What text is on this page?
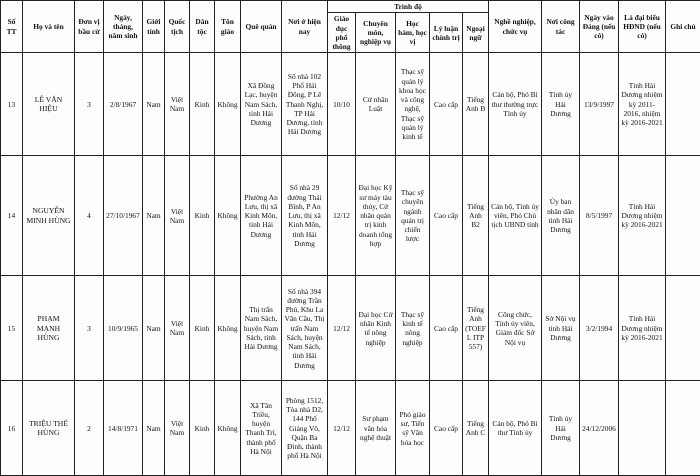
Số TT	Họ và tên	Đơn vị bầu cử	Ngày, tháng, năm sinh	Giới tính	Quốc tịch	Dân tộc	Tôn giáo	Quê quán	Nơi ở hiện nay	Trình độ					Nghề nghiệp, chức vụ	Nơi công tác	Ngày vào Đảng (nếu có)	Là đại biểu HĐND (nếu có)	Ghi chú
										Giáo dục phổ thông	Chuyên môn, nghiệp vụ	Học hàm, học vị	Lý luận chính trị	Ngoại ngữ					
13	LÊ VĂN HIỆU	3	2/8/1967	Nam	Việt Nam	Kinh	Không	Xã Đồng Lạc, huyện Nam Sách, tỉnh Hải Dương	Số nhà 102 Phố Hải Đông, P Lê Thanh Nghị, TP Hải Dương, tỉnh Hải Dương	10/10	Cử nhân Luật	Thạc sỹ quản lý khoa học và công nghệ, Thạc sỹ quản lý kinh tế	Cao cấp	Tiếng Anh B	Cán bộ, Phó Bí thư thường trực Tỉnh ủy	Tỉnh ủy Hải Dương	13/9/1997	Tỉnh Hải Dương nhiệm kỳ 2011-2016, nhiệm kỳ 2016-2021	
14	NGUYỄN MINH HÙNG	4	27/10/1967	Nam	Việt Nam	Kinh	Không	Phường An Lưu, thị xã Kinh Môn, tỉnh Hải Dương	Số nhà 29 đường Thái Bình, P An Lưu, thị xã Kinh Môn, tỉnh Hải Dương	12/12	Đại học Kỹ sư máy tàu thủy, Cử nhân quản trị kinh doanh tổng hợp	Thạc sỹ chuyên ngành quản trị chiến lược	Cao cấp	Tiếng Anh B2	Cán bộ, Tỉnh ủy viên, Phó Chủ tịch UBND tỉnh	Ủy ban nhân dân tỉnh Hải Dương	8/5/1997	Tỉnh Hải Dương nhiệm kỳ 2016-2021	
15	PHẠM MẠNH HÙNG	3	10/9/1965	Nam	Việt Nam	Kinh	Không	Thị trấn Nam Sách, huyện Nam Sách, tỉnh Hải Dương	Số nhà 394 đường Trần Phú, Khu La Văn Cầu, Thị trấn Nam Sách, huyện Nam Sách, tỉnh Hải Dương	12/12	Đại học Cử nhân Kinh tế nông nghiệp	Thạc sỹ kinh tế nông nghiệp	Cao cấp	Tiếng Anh (TOEFL ITP 557)	Công chức, Tỉnh ủy viên, Giám đốc Sở Nội vụ	Sở Nội vụ tỉnh Hải Dương	3/2/1994	Tỉnh Hải Dương nhiệm kỳ 2016-2021	
16	TRIỆU THẾ HÙNG	2	14/8/1971	Nam	Việt Nam	Kinh	Không	Xã Tân Triều, huyện Thanh Trì, thành phố Hà Nội	Phòng 1512, Tòa nhà D2, 144 Phố Giảng Võ, Quận Ba Đình, thành phố Hà Nội	12/12	Sư phạm văn hóa nghệ thuật	Phó giáo sư, Tiến sỹ Văn hóa học	Cao cấp	Tiếng Anh C	Cán bộ, Phó Bí thư Tỉnh ủy	Tỉnh ủy Hải Dương	24/12/2006		
